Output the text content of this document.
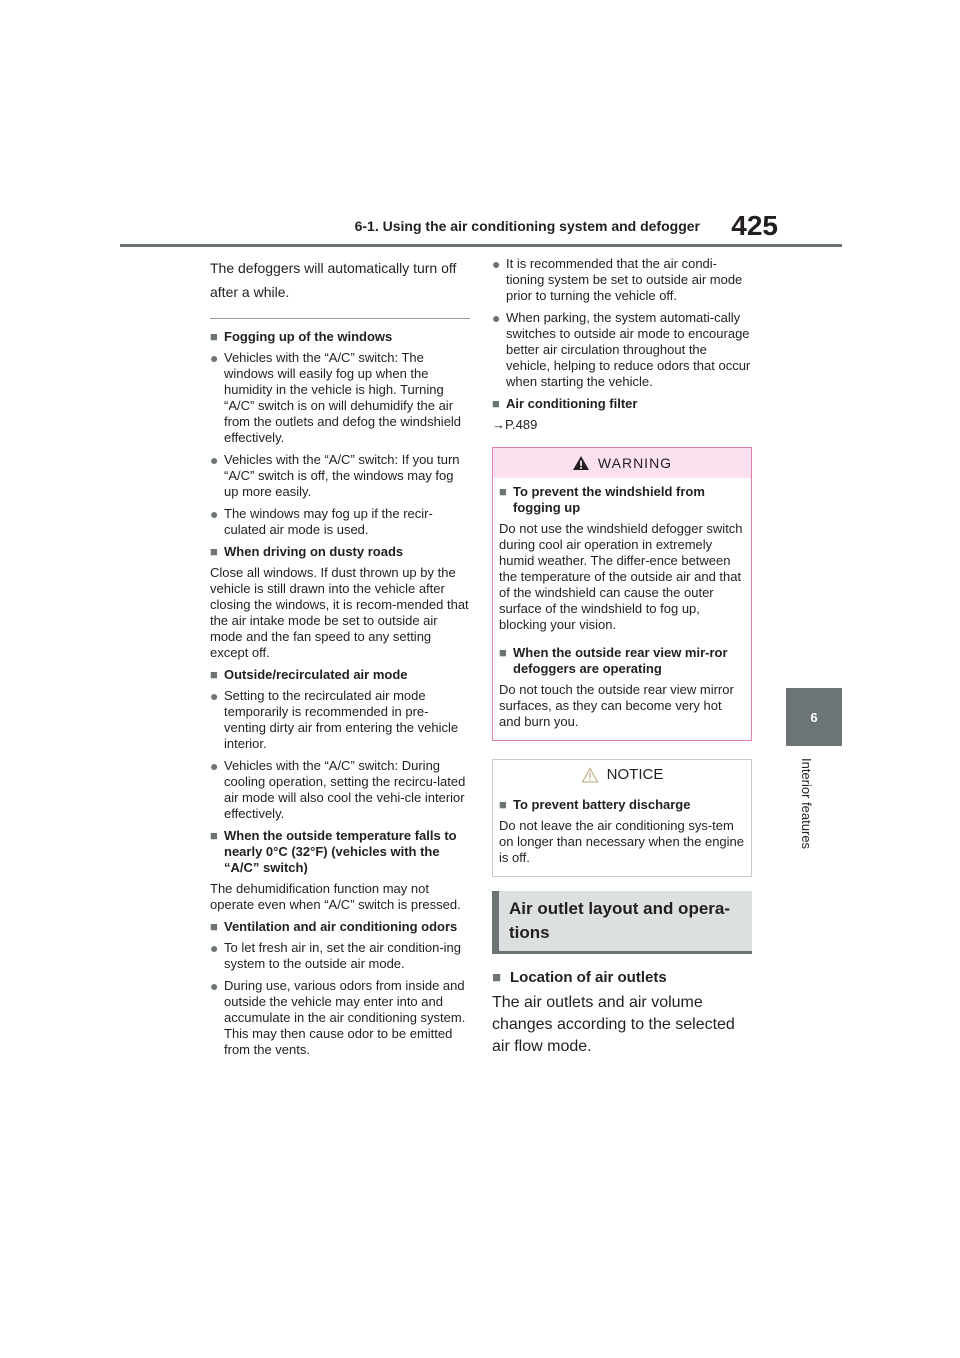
6-1. Using the air conditioning system and defogger	425
6
Interior features
The defoggers will automatically turn off after a while.
■ Fogging up of the windows
● Vehicles with the “A/C” switch: The windows will easily fog up when the humidity in the vehicle is high. Turning “A/C” switch is on will dehumidify the air from the outlets and defog the windshield effectively.
● Vehicles with the “A/C” switch: If you turn “A/C” switch is off, the windows may fog up more easily.
● The windows may fog up if the recir-culated air mode is used.
■ When driving on dusty roads
Close all windows. If dust thrown up by the vehicle is still drawn into the vehicle after closing the windows, it is recom-mended that the air intake mode be set to outside air mode and the fan speed to any setting except off.
■ Outside/recirculated air mode
● Setting to the recirculated air mode temporarily is recommended in pre-venting dirty air from entering the vehicle interior.
● Vehicles with the “A/C” switch: During cooling operation, setting the recircu-lated air mode will also cool the vehi-cle interior effectively.
■ When the outside temperature falls to nearly 0°C (32°F) (vehicles with the “A/C” switch)
The dehumidification function may not operate even when “A/C” switch is pressed.
■ Ventilation and air conditioning odors
● To let fresh air in, set the air condition-ing system to the outside air mode.
● During use, various odors from inside and outside the vehicle may enter into and accumulate in the air conditioning system. This may then cause odor to be emitted from the vents.
● It is recommended that the air condi-tioning system be set to outside air mode prior to turning the vehicle off.
● When parking, the system automati-cally switches to outside air mode to encourage better air circulation throughout the vehicle, helping to reduce odors that occur when starting the vehicle.
■ Air conditioning filter
→P.489
WARNING
■ To prevent the windshield from fogging up
Do not use the windshield defogger switch during cool air operation in extremely humid weather. The differ-ence between the temperature of the outside air and that of the windshield can cause the outer surface of the windshield to fog up, blocking your vision.
■ When the outside rear view mir-ror defoggers are operating
Do not touch the outside rear view mirror surfaces, as they can become very hot and burn you.
NOTICE
■ To prevent battery discharge
Do not leave the air conditioning sys-tem on longer than necessary when the engine is off.
Air outlet layout and opera-tions
■ Location of air outlets
The air outlets and air volume changes according to the selected air flow mode.
